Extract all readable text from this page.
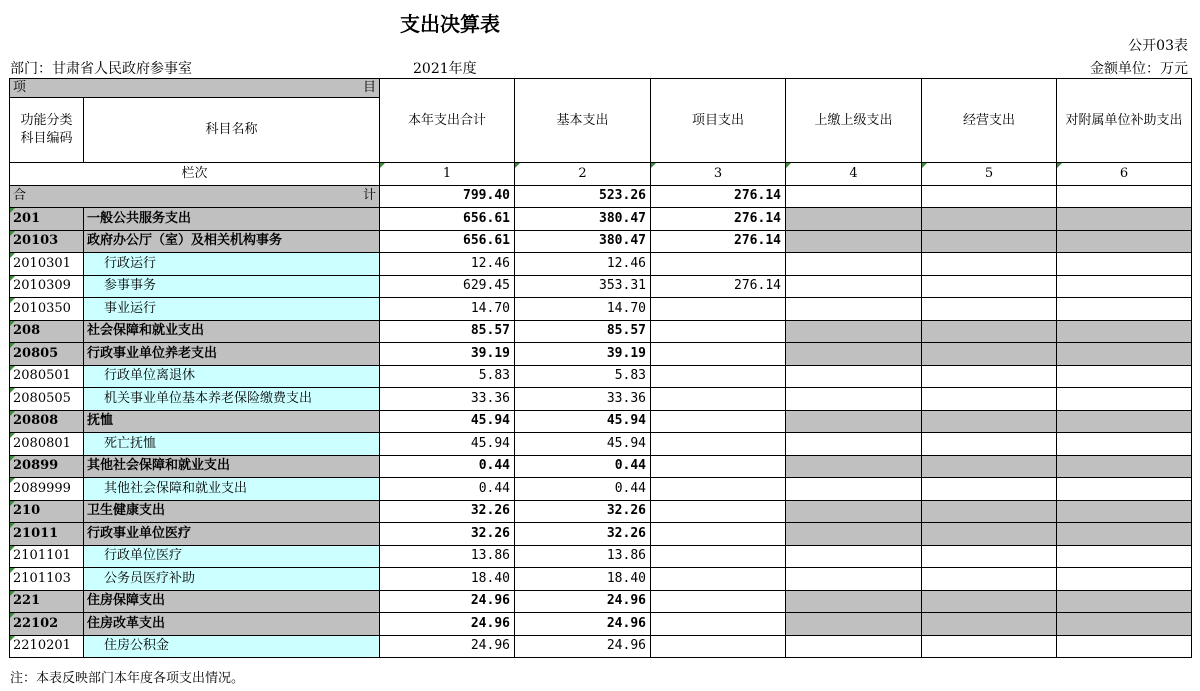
支出决算表
公开03表
部门：甘肃省人民政府参事室	2021年度	金额单位：万元
项 目		本年支出合计	基本支出	项目支出	上缴上级支出	经营支出	对附属单位补助支出
功能分类科目编码	科目名称						
栏次		1	2	3	4	5	6
合 计		799.40	523.26	276.14			
201	一般公共服务支出	656.61	380.47	276.14			
20103	政府办公厅（室）及相关机构事务	656.61	380.47	276.14			
2010301	行政运行	12.46	12.46				
2010309	参事事务	629.45	353.31	276.14			
2010350	事业运行	14.70	14.70				
208	社会保障和就业支出	85.57	85.57				
20805	行政事业单位养老支出	39.19	39.19				
2080501	行政单位离退休	5.83	5.83				
2080505	机关事业单位基本养老保险缴费支出	33.36	33.36				
20808	抚恤	45.94	45.94				
2080801	死亡抚恤	45.94	45.94				
20899	其他社会保障和就业支出	0.44	0.44				
2089999	其他社会保障和就业支出	0.44	0.44				
210	卫生健康支出	32.26	32.26				
21011	行政事业单位医疗	32.26	32.26				
2101101	行政单位医疗	13.86	13.86				
2101103	公务员医疗补助	18.40	18.40				
221	住房保障支出	24.96	24.96				
22102	住房改革支出	24.96	24.96				
2210201	住房公积金	24.96	24.96				
注：本表反映部门本年度各项支出情况。
